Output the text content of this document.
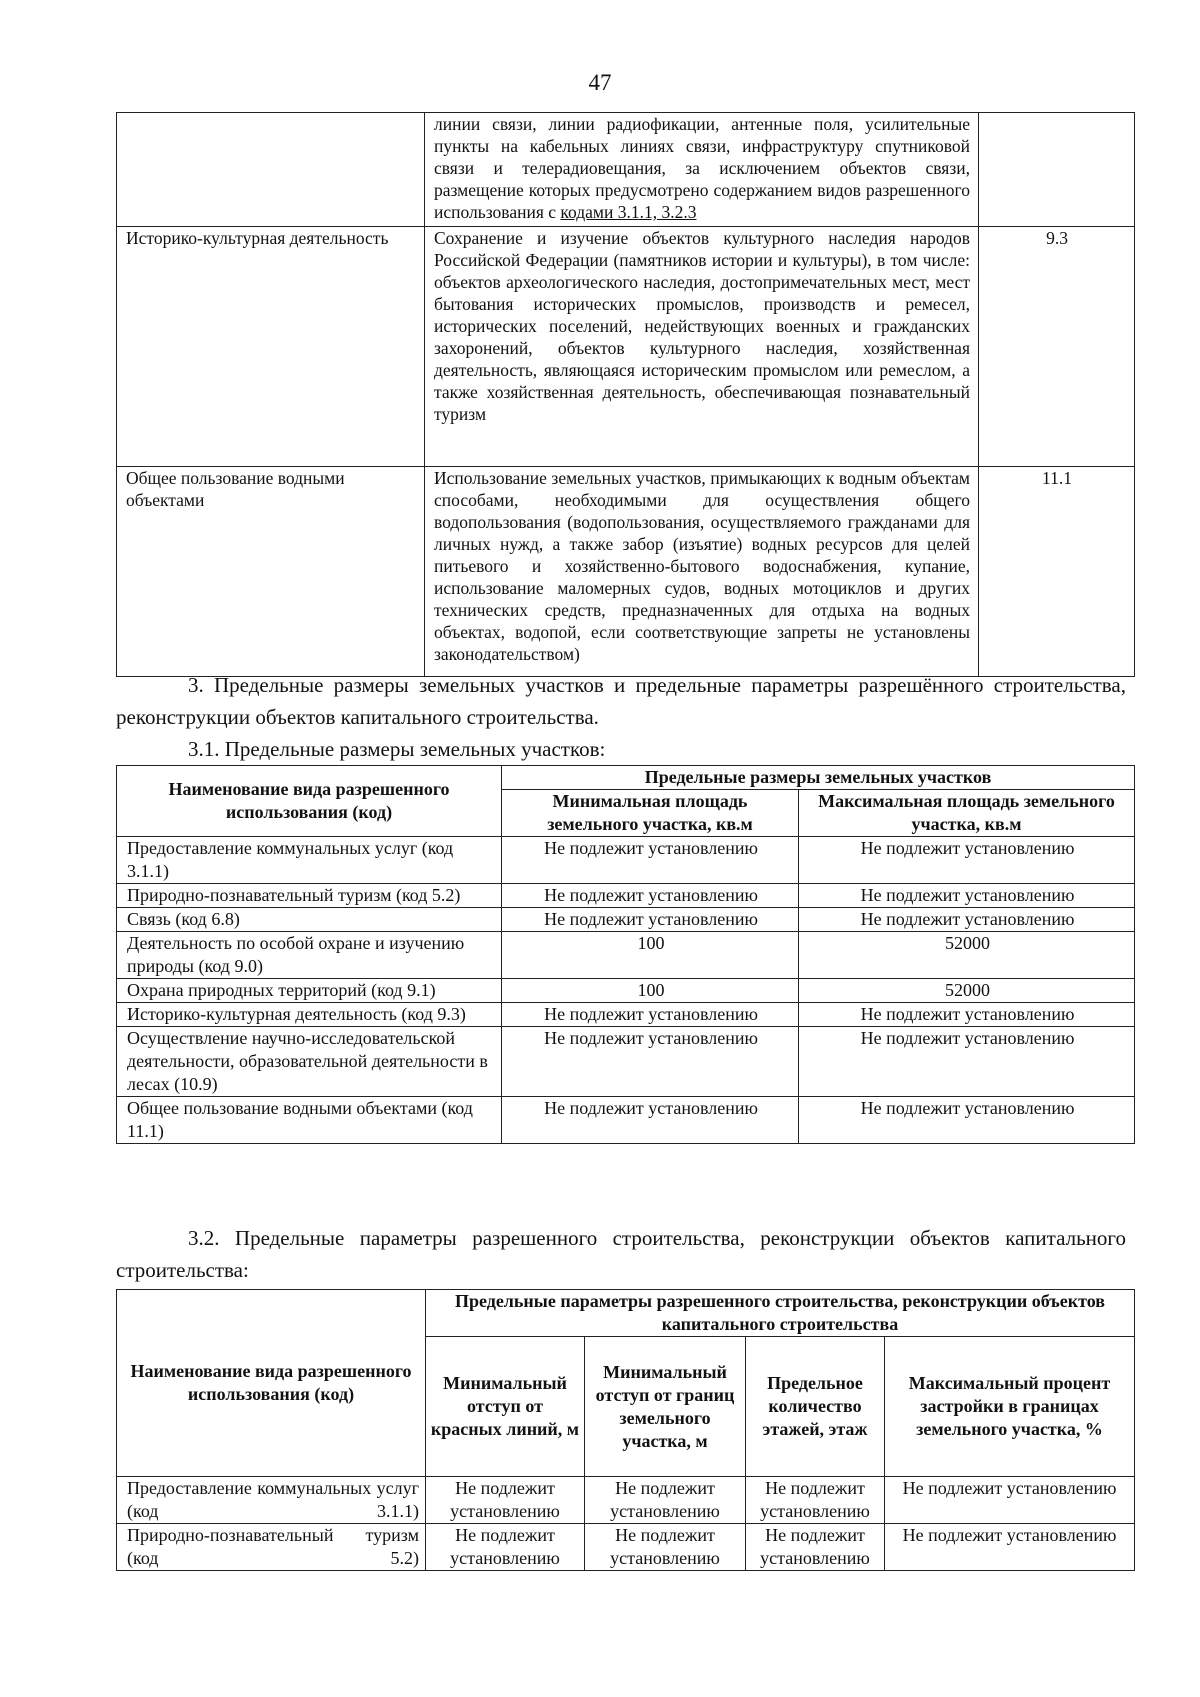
47
	линии связи, линии радиофикации, антенные поля, усилительные пункты на кабельных линиях связи, инфраструктуру спутниковой связи и телерадиовещания, за исключением объектов связи, размещение которых предусмотрено содержанием видов разрешенного использования с кодами 3.1.1, 3.2.3	
Историко-культурная деятельность	Сохранение и изучение объектов культурного наследия народов Российской Федерации (памятников истории и культуры), в том числе: объектов археологического наследия, достопримечательных мест, мест бытования исторических промыслов, производств и ремесел, исторических поселений, недействующих военных и гражданских захоронений, объектов культурного наследия, хозяйственная деятельность, являющаяся историческим промыслом или ремеслом, а также хозяйственная деятельность, обеспечивающая познавательный туризм	9.3
Общее пользование водными объектами	Использование земельных участков, примыкающих к водным объектам способами, необходимыми для осуществления общего водопользования (водопользования, осуществляемого гражданами для личных нужд, а также забор (изъятие) водных ресурсов для целей питьевого и хозяйственно-бытового водоснабжения, купание, использование маломерных судов, водных мотоциклов и других технических средств, предназначенных для отдыха на водных объектах, водопой, если соответствующие запреты не установлены законодательством)	11.1
3. Предельные размеры земельных участков и предельные параметры разрешённого строительства, реконструкции объектов капитального строительства.
3.1. Предельные размеры земельных участков:
Наименование вида разрешенного использования (код)	Предельные размеры земельных участков	
	Минимальная площадь земельного участка, кв.м	Максимальная площадь земельного участка, кв.м
Предоставление коммунальных услуг (код 3.1.1)	Не подлежит установлению	Не подлежит установлению
Природно-познавательный туризм (код 5.2)	Не подлежит установлению	Не подлежит установлению
Связь (код 6.8)	Не подлежит установлению	Не подлежит установлению
Деятельность по особой охране и изучению природы (код 9.0)	100	52000
Охрана природных территорий (код 9.1)	100	52000
Историко-культурная деятельность (код 9.3)	Не подлежит установлению	Не подлежит установлению
Осуществление научно-исследовательской деятельности, образовательной деятельности в лесах (10.9)	Не подлежит установлению	Не подлежит установлению
Общее пользование водными объектами (код 11.1)	Не подлежит установлению	Не подлежит установлению
3.2. Предельные параметры разрешенного строительства, реконструкции объектов капитального строительства:
Наименование вида разрешенного использования (код)	Предельные параметры разрешенного строительства, реконструкции объектов капитального строительства			
	Минимальный отступ от красных линий, м	Минимальный отступ от границ земельного участка, м	Предельное количество этажей, этаж	Максимальный процент застройки в границах земельного участка, %
Предоставление коммунальных услуг (код 3.1.1)	Не подлежит установлению	Не подлежит установлению	Не подлежит установлению	Не подлежит установлению
Природно-познавательный туризм (код 5.2)	Не подлежит установлению	Не подлежит установлению	Не подлежит установлению	Не подлежит установлению
